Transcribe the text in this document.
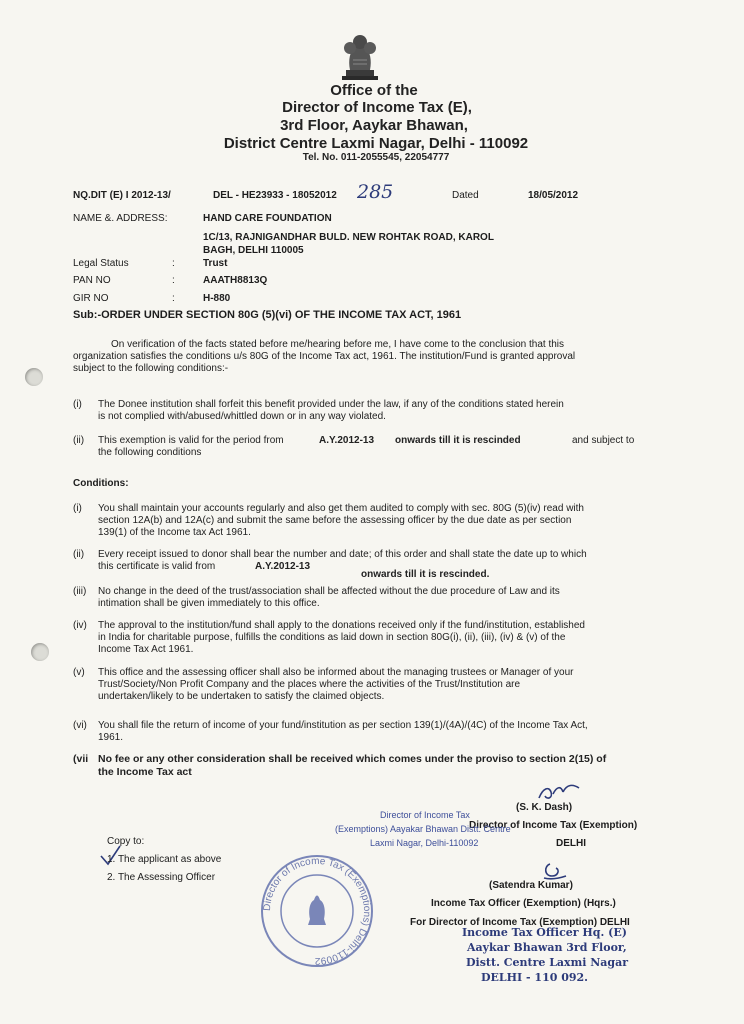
Office of the
Director of Income Tax (E),
3rd Floor, Aaykar Bhawan,
District Centre Laxmi Nagar, Delhi - 110092
Tel. No. 011-2055545, 22054777
NQ.DIT (E) I 2012-13/	DEL - HE23933 - 18052012 285	Dated	18/05/2012
NAME &. ADDRESS:	HAND CARE FOUNDATION
1C/13, RAJNIGANDHAR BULD. NEW ROHTAK ROAD, KAROL
BAGH, DELHI 110005
Legal Status	:	Trust
PAN NO	:	AAATH8813Q
GIR NO	:	H-880
Sub:-ORDER UNDER SECTION 80G (5)(vi) OF THE INCOME TAX ACT, 1961
On verification of the facts stated before me/hearing before me, I have come to the conclusion that this
organization satisfies the conditions u/s 80G of the Income Tax act, 1961. The institution/Fund is granted approval
subject to the following conditions:-
(i) The Donee institution shall forfeit this benefit provided under the law, if any of the conditions stated herein
is not complied with/abused/whittled down or in any way violated.
(ii) This exemption is valid for the period from	A.Y.2012-13 onwards till it is rescinded	and subject to
the following conditions
Conditions:
(i) You shall maintain your accounts regularly and also get them audited to comply with sec. 80G (5)(iv) read with
section 12A(b) and 12A(c) and submit the same before the assessing officer by the due date as per section
139(1) of the Income tax Act 1961.
(ii) Every receipt issued to donor shall bear the number and date; of this order and shall state the date up to which
this certificate is valid from	A.Y.2012-13
onwards till it is rescinded.
(iii) No change in the deed of the trust/association shall be affected without the due procedure of Law and its
intimation shall be given immediately to this office.
(iv) The approval to the institution/fund shall apply to the donations received only if the fund/institution, established
in India for charitable purpose, fulfills the conditions as laid down in section 80G(i), (ii), (iii), (iv) & (v) of the
Income Tax Act 1961.
(v) This office and the assessing officer shall also be informed about the managing trustees or Manager of your
Trust/Society/Non Profit Company and the places where the activities of the Trust/Institution are
undertaken/likely to be undertaken to satisfy the claimed objects.
(vi) You shall file the return of income of your fund/institution as per section 139(1)/(4A)/(4C) of the Income Tax Act,
1961.
(vii No fee or any other consideration shall be received which comes under the proviso to section 2(15) of
the Income Tax act
(S. K. Dash)
Director of Income Tax (Exemption)
DELHI
Director of Income Tax
(Exemptions) Aayakar Bhawan Distt. Centre
Laxmi Nagar, Delhi-110092
(Satendra Kumar)
Income Tax Officer (Exemption) (Hqrs.)
For Director of Income Tax (Exemption) DELHI
Income Tax Officer Hq. (E)
Aaykar Bhawan 3rd Floor,
Distt. Centre Laxmi Nagar
DELHI - 110 092.
Director of Income Tax (Exemptions) Delhi-110092
Copy to:
1. The applicant as above
2. The Assessing Officer
